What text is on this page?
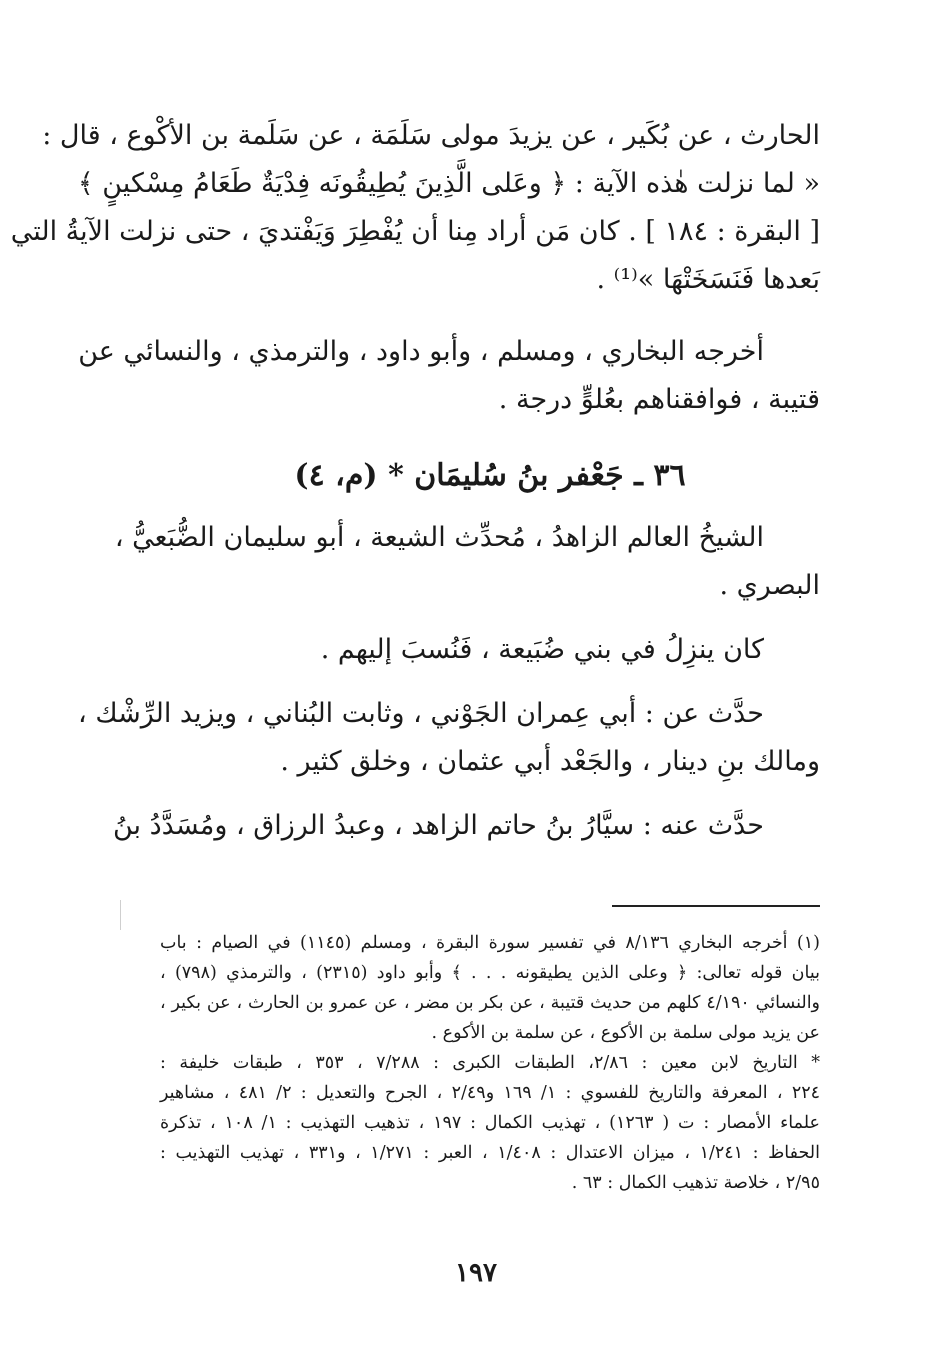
الحارث ، عن بُكَير ، عن يزيدَ مولى سَلَمَة ، عن سَلَمة بن الأكْوع ، قال :
« لما نزلت هٰذه الآية : ﴿ وعَلى الَّذِينَ يُطِيقُونَه فِدْيَةٌ طَعَامُ مِسْكينٍ ﴾
[ البقرة : ١٨٤ ] . كان مَن أراد مِنا أن يُفْطِرَ وَيَفْتديَ ، حتى نزلت الآيةُ التي
بَعدها فَنَسَخَتْهَا »⁽¹⁾ .
أخرجه البخاري ، ومسلم ، وأبو داود ، والترمذي ، والنسائي عن
قتيبة ، فوافقناهم بعُلوٍّ درجة .
٣٦ ـ جَعْفر بنُ سُليمَان * (م، ٤)
الشيخُ العالم الزاهدُ ، مُحدِّث الشيعة ، أبو سليمان الضُّبَعيُّ ،
البصري .
كان ينزِلُ في بني ضُبَيعة ، فَنُسبَ إليهم .
حدَّث عن : أبي عِمران الجَوْني ، وثابت البُناني ، ويزيد الرِّشْك ،
ومالك بنِ دينار ، والجَعْد أبي عثمان ، وخلق كثير .
حدَّث عنه : سيَّارُ بنُ حاتم الزاهد ، وعبدُ الرزاق ، ومُسَدَّدُ بنُ
(١) أخرجه البخاري ٨/١٣٦ في تفسير سورة البقرة ، ومسلم (١١٤٥) في الصيام : باب
بيان قوله تعالى: ﴿ وعلى الذين يطيقونه . . . ﴾ وأبو داود (٢٣١٥) ، والترمذي (٧٩٨) ،
والنسائي ٤/١٩٠ كلهم من حديث قتيبة ، عن بكر بن مضر ، عن عمرو بن الحارث ، عن بكير ،
عن يزيد مولى سلمة بن الأكوع ، عن سلمة بن الأكوع .
* التاريخ لابن معين : ٢/٨٦، الطبقات الكبرى : ٧/٢٨٨ ، ٣٥٣ ، طبقات خليفة :
٢٢٤ ، المعرفة والتاريخ للفسوي : ١/ ١٦٩ و٢/٤٩ ، الجرح والتعديل : ٢/ ٤٨١ ، مشاهير
علماء الأمصار : ت ( ١٢٦٣) ، تهذيب الكمال : ١٩٧ ، تذهيب التهذيب : ١/ ١٠٨ ، تذكرة
الحفاظ : ١/٢٤١ ، ميزان الاعتدال : ١/٤٠٨ ، العبر : ١/٢٧١ ، و٣٣١ ، تهذيب التهذيب :
٢/٩٥ ، خلاصة تذهيب الكمال : ٦٣ .
١٩٧
